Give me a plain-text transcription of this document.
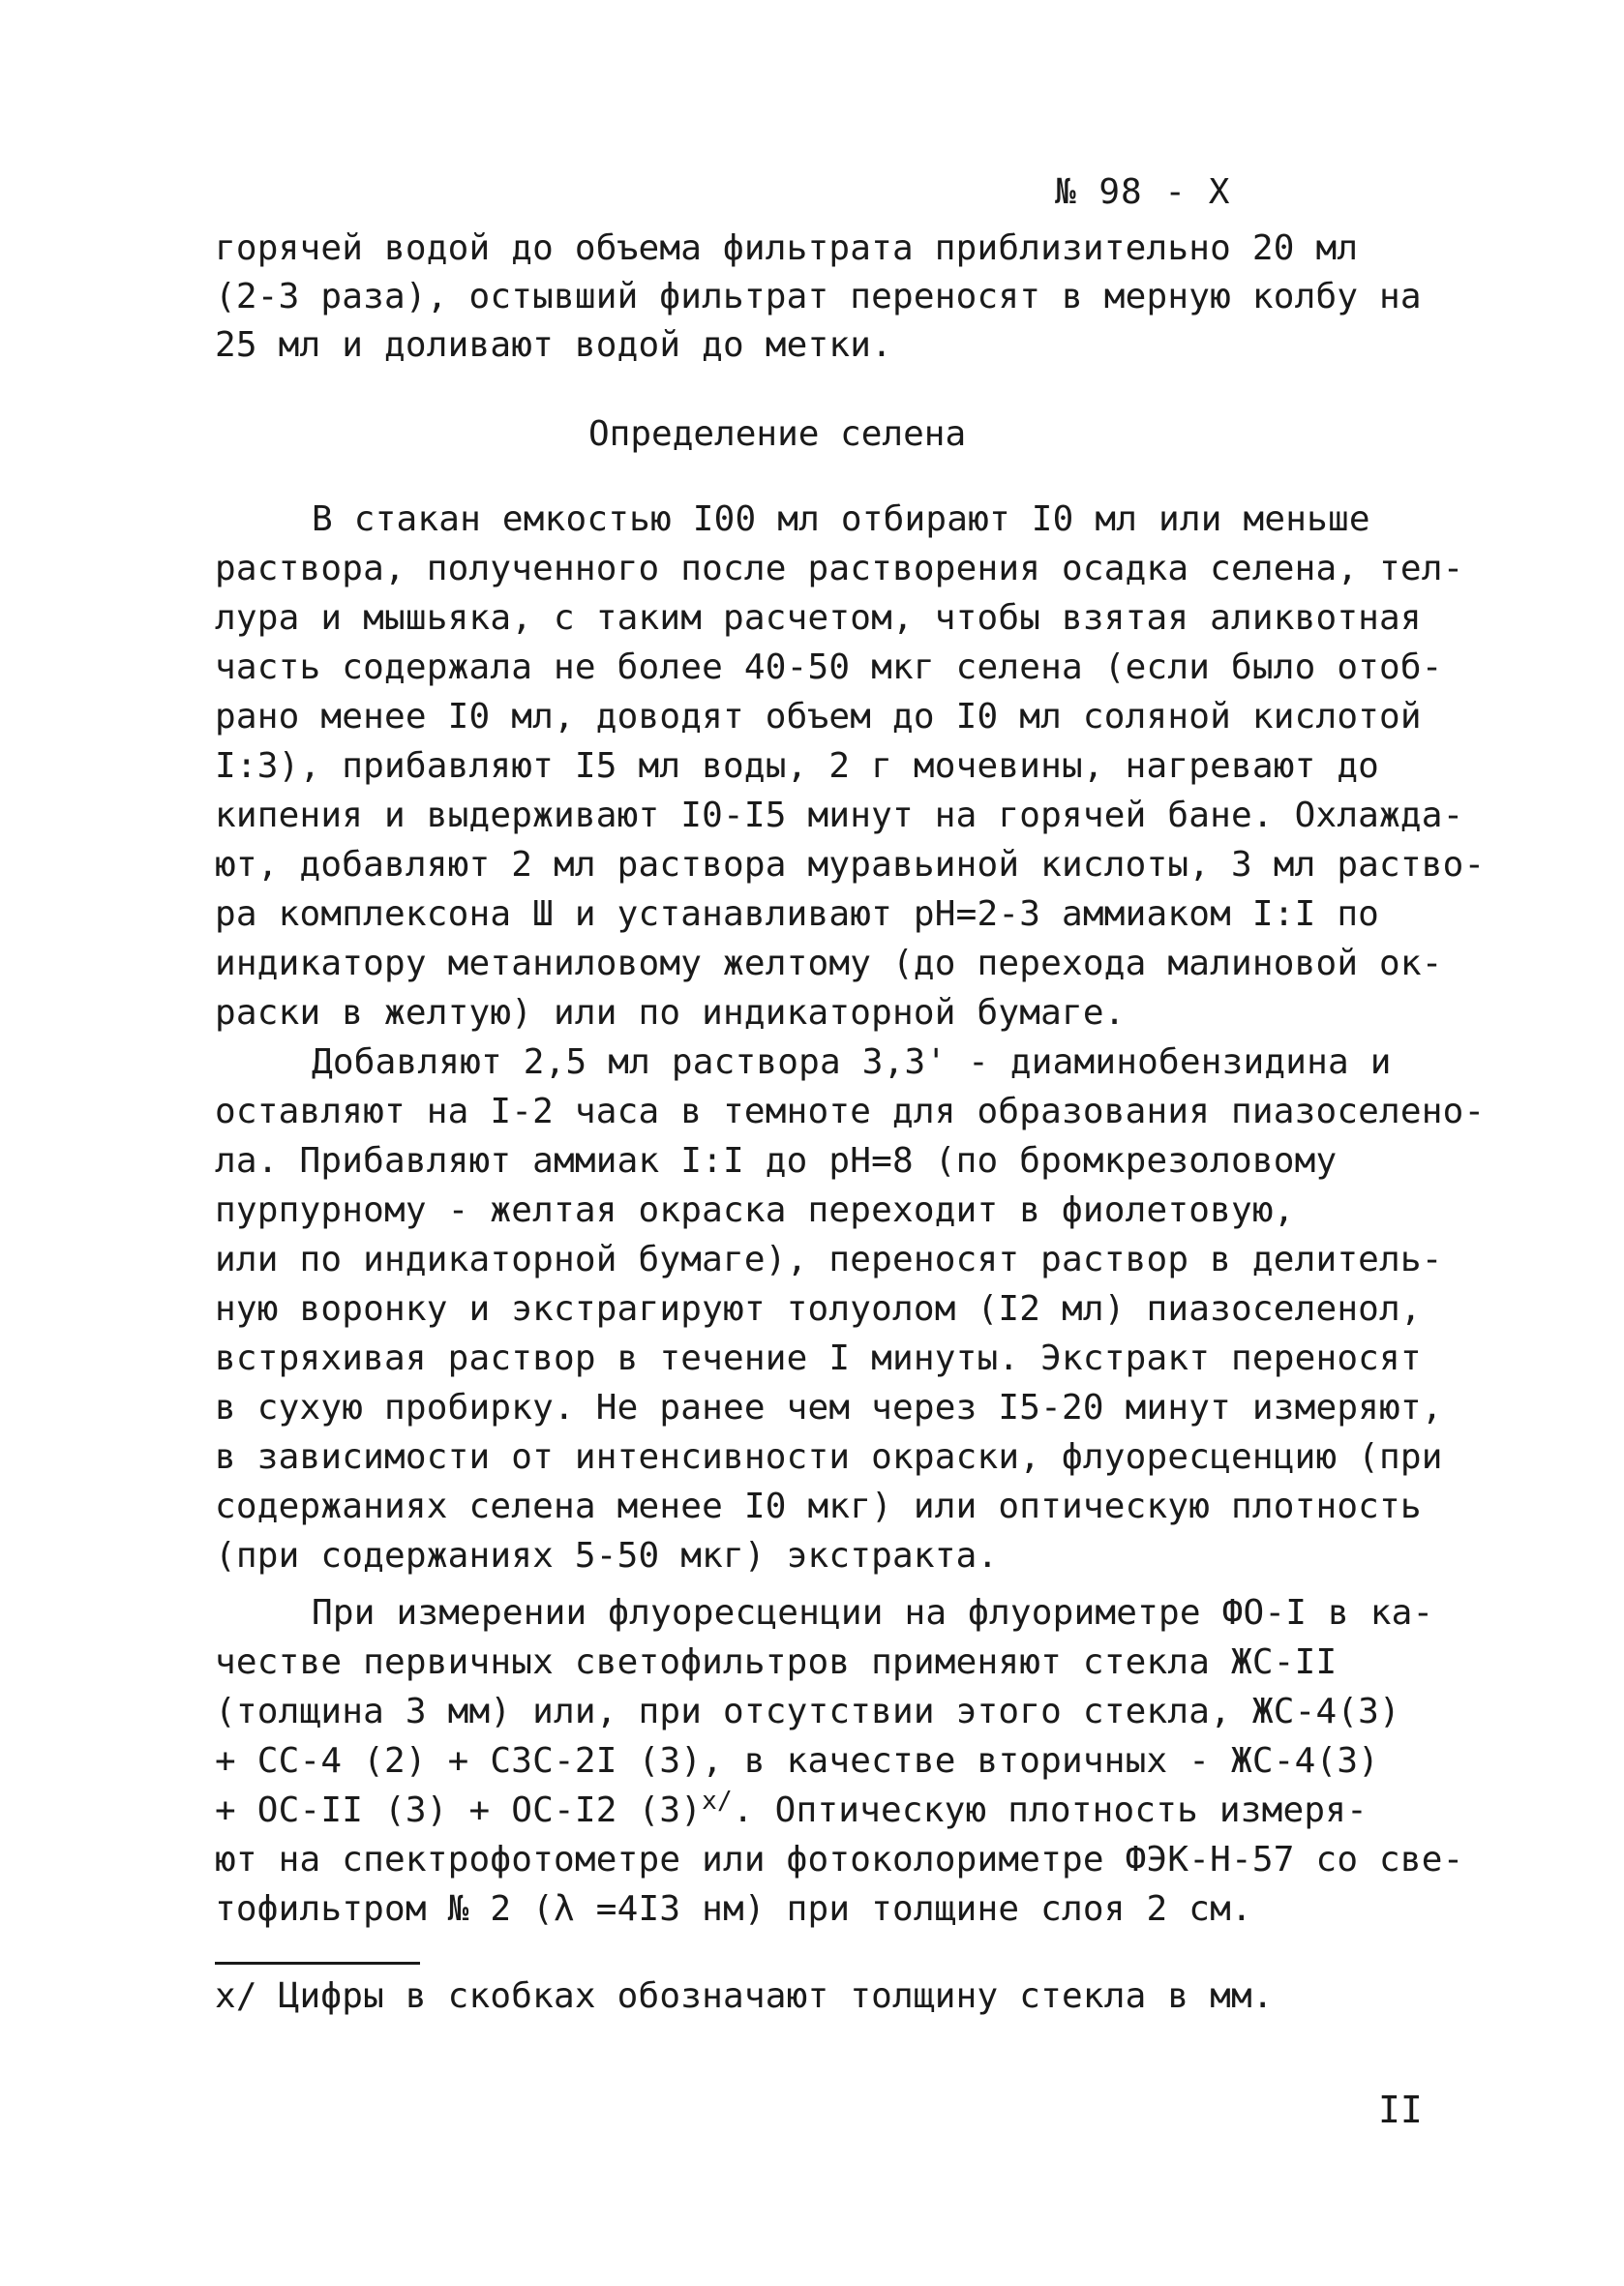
№ 98 - X
горячей водой до объема фильтрата приблизительно 20 мл
(2-3 раза), остывший фильтрат переносят в мерную колбу на
25 мл и доливают водой до метки.
Определение селена
В стакан емкостью I00 мл отбирают I0 мл или меньше
раствора, полученного после растворения осадка селена, тел-
лура и мышьяка, с таким расчетом, чтобы взятая аликвотная
часть содержала не более 40-50 мкг селена (если было отоб-
рано менее I0 мл, доводят объем до I0 мл соляной кислотой
I:3), прибавляют I5 мл воды, 2 г мочевины, нагревают до
кипения и выдерживают I0-I5 минут на горячей бане. Охлажда-
ют, добавляют 2 мл раствора муравьиной кислоты, 3 мл раство-
ра комплексона Ш и устанавливают pH=2-3 аммиаком I:I по
индикатору метаниловому желтому (до перехода малиновой ок-
раски в желтую) или по индикаторной бумаге.
Добавляют 2,5 мл раствора 3,3' - диаминобензидина и
оставляют на I-2 часа в темноте для образования пиазоселено-
ла. Прибавляют аммиак I:I до pH=8 (по бромкрезоловому
пурпурному - желтая окраска переходит в фиолетовую,
или по индикаторной бумаге), переносят раствор в делитель-
ную воронку и экстрагируют толуолом (I2 мл) пиазоселенол,
встряхивая раствор в течение I минуты. Экстракт переносят
в сухую пробирку. Не ранее чем через I5-20 минут измеряют,
в зависимости от интенсивности окраски, флуоресценцию (при
содержаниях селена менее I0 мкг) или оптическую плотность
(при содержаниях 5-50 мкг) экстракта.
При измерении флуоресценции на флуориметре ФО-I в ка-
честве первичных светофильтров применяют стекла ЖС-II
(толщина 3 мм) или, при отсутствии этого стекла, ЖС-4(3)
+ СС-4 (2) + СЗС-2I (3), в качестве вторичных - ЖС-4(3)
+ ОС-II (3) + ОС-I2 $(3)^{x/}$. Оптическую плотность измеря-
ют на спектрофотометре или фотоколориметре ФЭК-Н-57 со све-
тофильтром № 2 (λ =4I3 нм) при толщине слоя 2 см.
x/ Цифры в скобках обозначают толщину стекла в мм.
II
